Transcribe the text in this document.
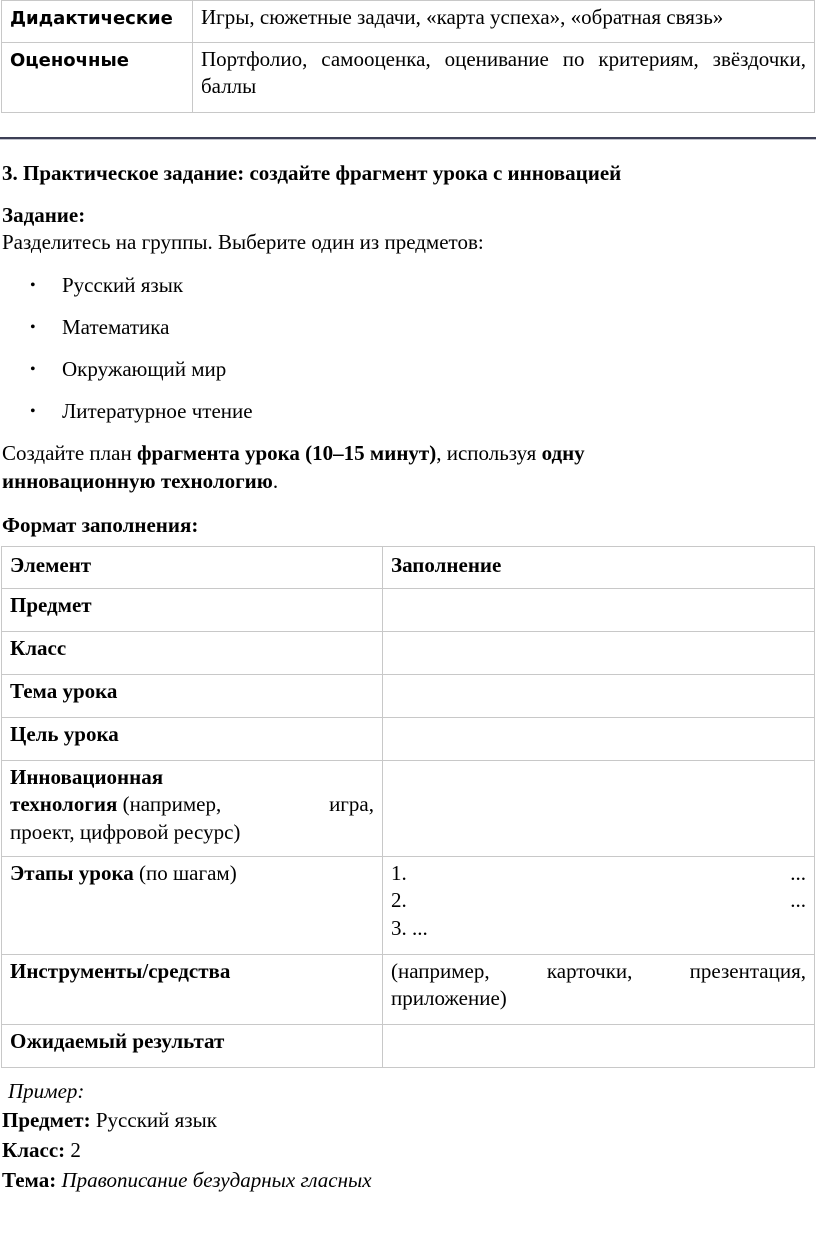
Дидактические	Игры, сюжетные задачи, «карта успеха», «обратная связь»
Оценочные	Портфолио, самооценка, оценивание по критериям, звёздочки, баллы
3. Практическое задание: создайте фрагмент урока с инновацией
Задание:
Разделитесь на группы. Выберите один из предметов:
• Русский язык
• Математика
• Окружающий мир
• Литературное чтение
Создайте план фрагмента урока (10–15 минут), используя одну
инновационную технологию.
Формат заполнения:
Элемент	Заполнение
Предмет	
Класс	
Тема урока	
Цель урока	

Инновационная
технология (например, игра,
проект, цифровой ресурс)	

Этапы урока (по шагам)	1. ...
2. ...
3. ...

Инструменты/средства	(например, карточки, презентация, приложение)
Ожидаемый результат	
Пример:
Предмет: Русский язык
Класс: 2
Тема: Правописание безударных гласных
